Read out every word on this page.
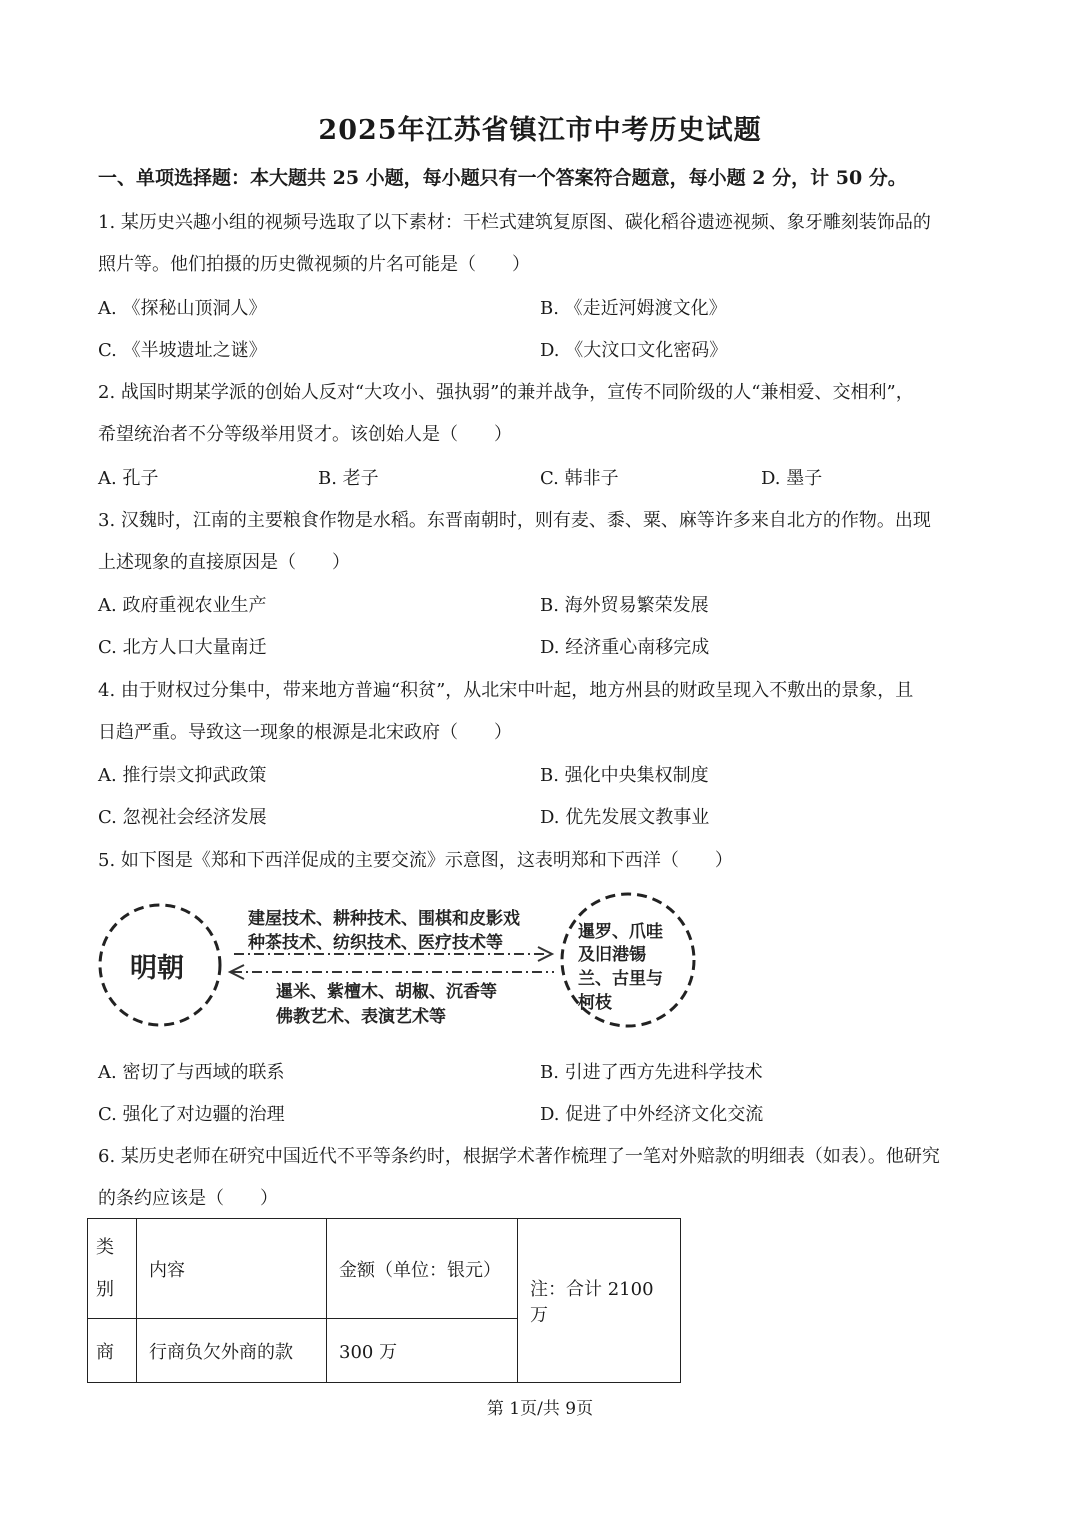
2025年江苏省镇江市中考历史试题
一、单项选择题：本大题共 25 小题，每小题只有一个答案符合题意，每小题 2 分，计 50 分。
1. 某历史兴趣小组的视频号选取了以下素材：干栏式建筑复原图、碳化稻谷遗迹视频、象牙雕刻装饰品的
照片等。他们拍摄的历史微视频的片名可能是（　　）
A. 《探秘山顶洞人》	B. 《走近河姆渡文化》
C. 《半坡遗址之谜》	D. 《大汶口文化密码》
2. 战国时期某学派的创始人反对“大攻小、强执弱”的兼并战争，宣传不同阶级的人“兼相爱、交相利”，
希望统治者不分等级举用贤才。该创始人是（　　）
A. 孔子	B. 老子	C. 韩非子	D. 墨子
3. 汉魏时，江南的主要粮食作物是水稻。东晋南朝时，则有麦、黍、粟、麻等许多来自北方的作物。出现
上述现象的直接原因是（　　）
A. 政府重视农业生产	B. 海外贸易繁荣发展
C. 北方人口大量南迁	D. 经济重心南移完成
4. 由于财权过分集中，带来地方普遍“积贫”，从北宋中叶起，地方州县的财政呈现入不敷出的景象，且
日趋严重。导致这一现象的根源是北宋政府（　　）
A. 推行崇文抑武政策	B. 强化中央集权制度
C. 忽视社会经济发展	D. 优先发展文教事业
5. 如下图是《郑和下西洋促成的主要交流》示意图，这表明郑和下西洋（　　）
明朝
建屋技术、耕种技术、围棋和皮影戏
种茶技术、纺织技术、医疗技术等
暹米、紫檀木、胡椒、沉香等
佛教艺术、表演艺术等
暹罗、爪哇
及旧港锡
兰、古里与
柯枝
A. 密切了与西域的联系	B. 引进了西方先进科学技术
C. 强化了对边疆的治理	D. 促进了中外经济文化交流
6. 某历史老师在研究中国近代不平等条约时，根据学术著作梳理了一笔对外赔款的明细表（如表）。他研究
的条约应该是（　　）
类
别	内容	金额（单位：银元）	注：合计 2100 万
商	行商负欠外商的款	300 万	
第 1页/共 9页
